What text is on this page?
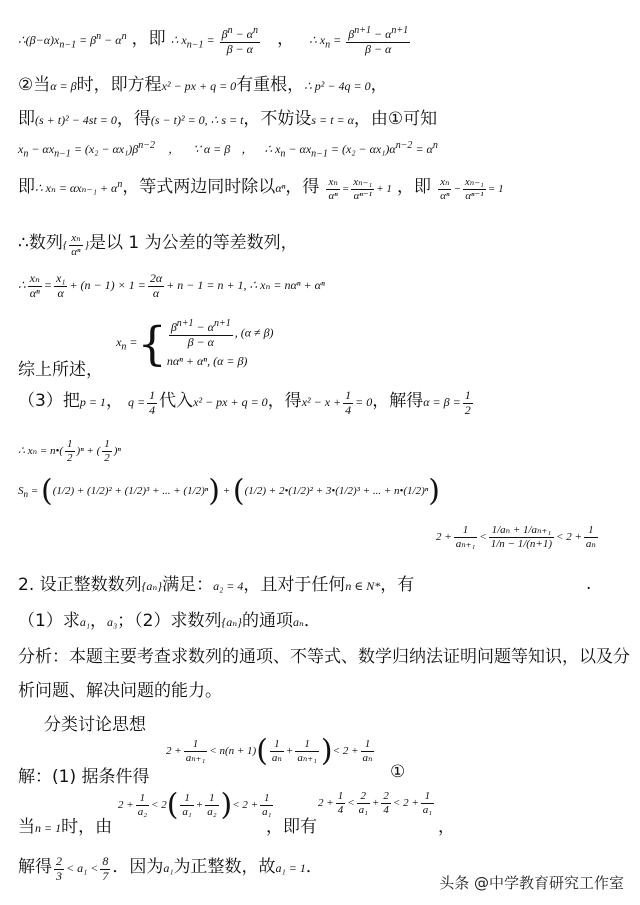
$\therefore(\beta-\alpha)x_{n-1} = \beta^n - \alpha^n$ ，即 ∴ $x_{n-1} = \frac{\beta^n - \alpha^n}{\beta - \alpha}$ ， ∴ $x_n = \frac{\beta^{n+1} - \alpha^{n+1}}{\beta - \alpha}$
②当α = β时，即方程x² − px + q = 0有重根，∴ p² − 4q = 0，
即(s + t)² − 4st = 0，得(s − t)² = 0, ∴ s = t，不妨设s = t = α，由①可知
$x_n - \alpha x_{n-1} = (x_2 - \alpha x_1)\beta^{n-2}$ ， ∵ α = β ， ∴ $x_n - \alpha x_{n-1} = (x_2 - \alpha x_1)\alpha^{n-2} = \alpha^n$
即∴ $x_n = \alpha x_{n-1} + \alpha^n$，等式两边同时除以αⁿ，得 $\frac{\text{xₙ}}{\text{αⁿ}} = \frac{\text{xₙ₋₁}}{\text{αⁿ⁻¹}} + 1$ ，即 $\frac{\text{xₙ}}{\text{αⁿ}} - \frac{\text{xₙ₋₁}}{\text{αⁿ⁻¹}} = 1$
∴数列{ $\frac{\text{xₙ}}{\text{αⁿ}}$ }是以 1 为公差的等差数列，
∴ $\frac{\text{xₙ}}{\text{αⁿ}} = \frac{\text{x₁}}{\alpha} + (n - 1) \times 1 = \frac{2\alpha}{\alpha} + n - 1 = n + 1$, ∴ xₙ = nαⁿ + αⁿ
综上所述， $x_n$ ={ $\frac{\beta^{n+1} - \alpha^{n+1}}{\beta - \alpha}$ , (α ≠ β)
nαⁿ + αⁿ, (α = β)
（3）把p = 1， $q = \frac{1}{4}$ 代入x² − px + q = 0，得$x^2 - x + \frac{1}{4} = 0$，解得$\alpha = \beta = \frac{1}{2}$
∴ xₙ = n•( $\frac{1}{2} )^n$ + ( $\frac{1}{2} )^n$
$S_n = ((1/2) + (1/2)^2 + (1/2)^3$ + ... + (1/2)ⁿ) + ((1/2) + 2•(1/2)² + 3•(1/2)³ + ... + n•(1/2)ⁿ)
$2 + \frac{1}{\text{aₙ₊₁}} < \frac{\text{1/aₙ + 1/aₙ₊₁}}{1/n - 1/(n+1)} < 2 + \frac{1}{\text{aₙ}}$
2. 设正整数数列{aₙ}满足：a₂ = 4，且对于任何n ∈ N*，有	.
（1）求a₁，a₃；（2）求数列{aₙ}的通项aₙ．
分析：本题主要考查求数列的通项、不等式、数学归纳法证明问题等知识，以及分
析问题、解决问题的能力。
分类讨论思想
$2 + \frac{1}{\text{aₙ₊₁}} < n(n + 1)( \frac{1}{\text{aₙ}} + \frac{1}{\text{aₙ₊₁}}$ )< $2 + \frac{1}{\text{aₙ}}$
解：(1) 据条件得	①
$2 + \frac{1}{\text{a₂}} < 2( \frac{1}{\text{a₁}} + \frac{1}{\text{a₂}}$ )< $2 + \frac{1}{\text{a₁}}$	$2 + \frac{1}{4} < \frac{2}{\text{a₁}} + \frac{2}{4} < 2 + \frac{1}{\text{a₁}}$
当n = 1时，由	，即有	，
解得 $\frac{2}{3} < a_1 < \frac{8}{7}$ ．因为a₁为正整数，故a₁ = 1．
头条 @中学教育研究工作室
